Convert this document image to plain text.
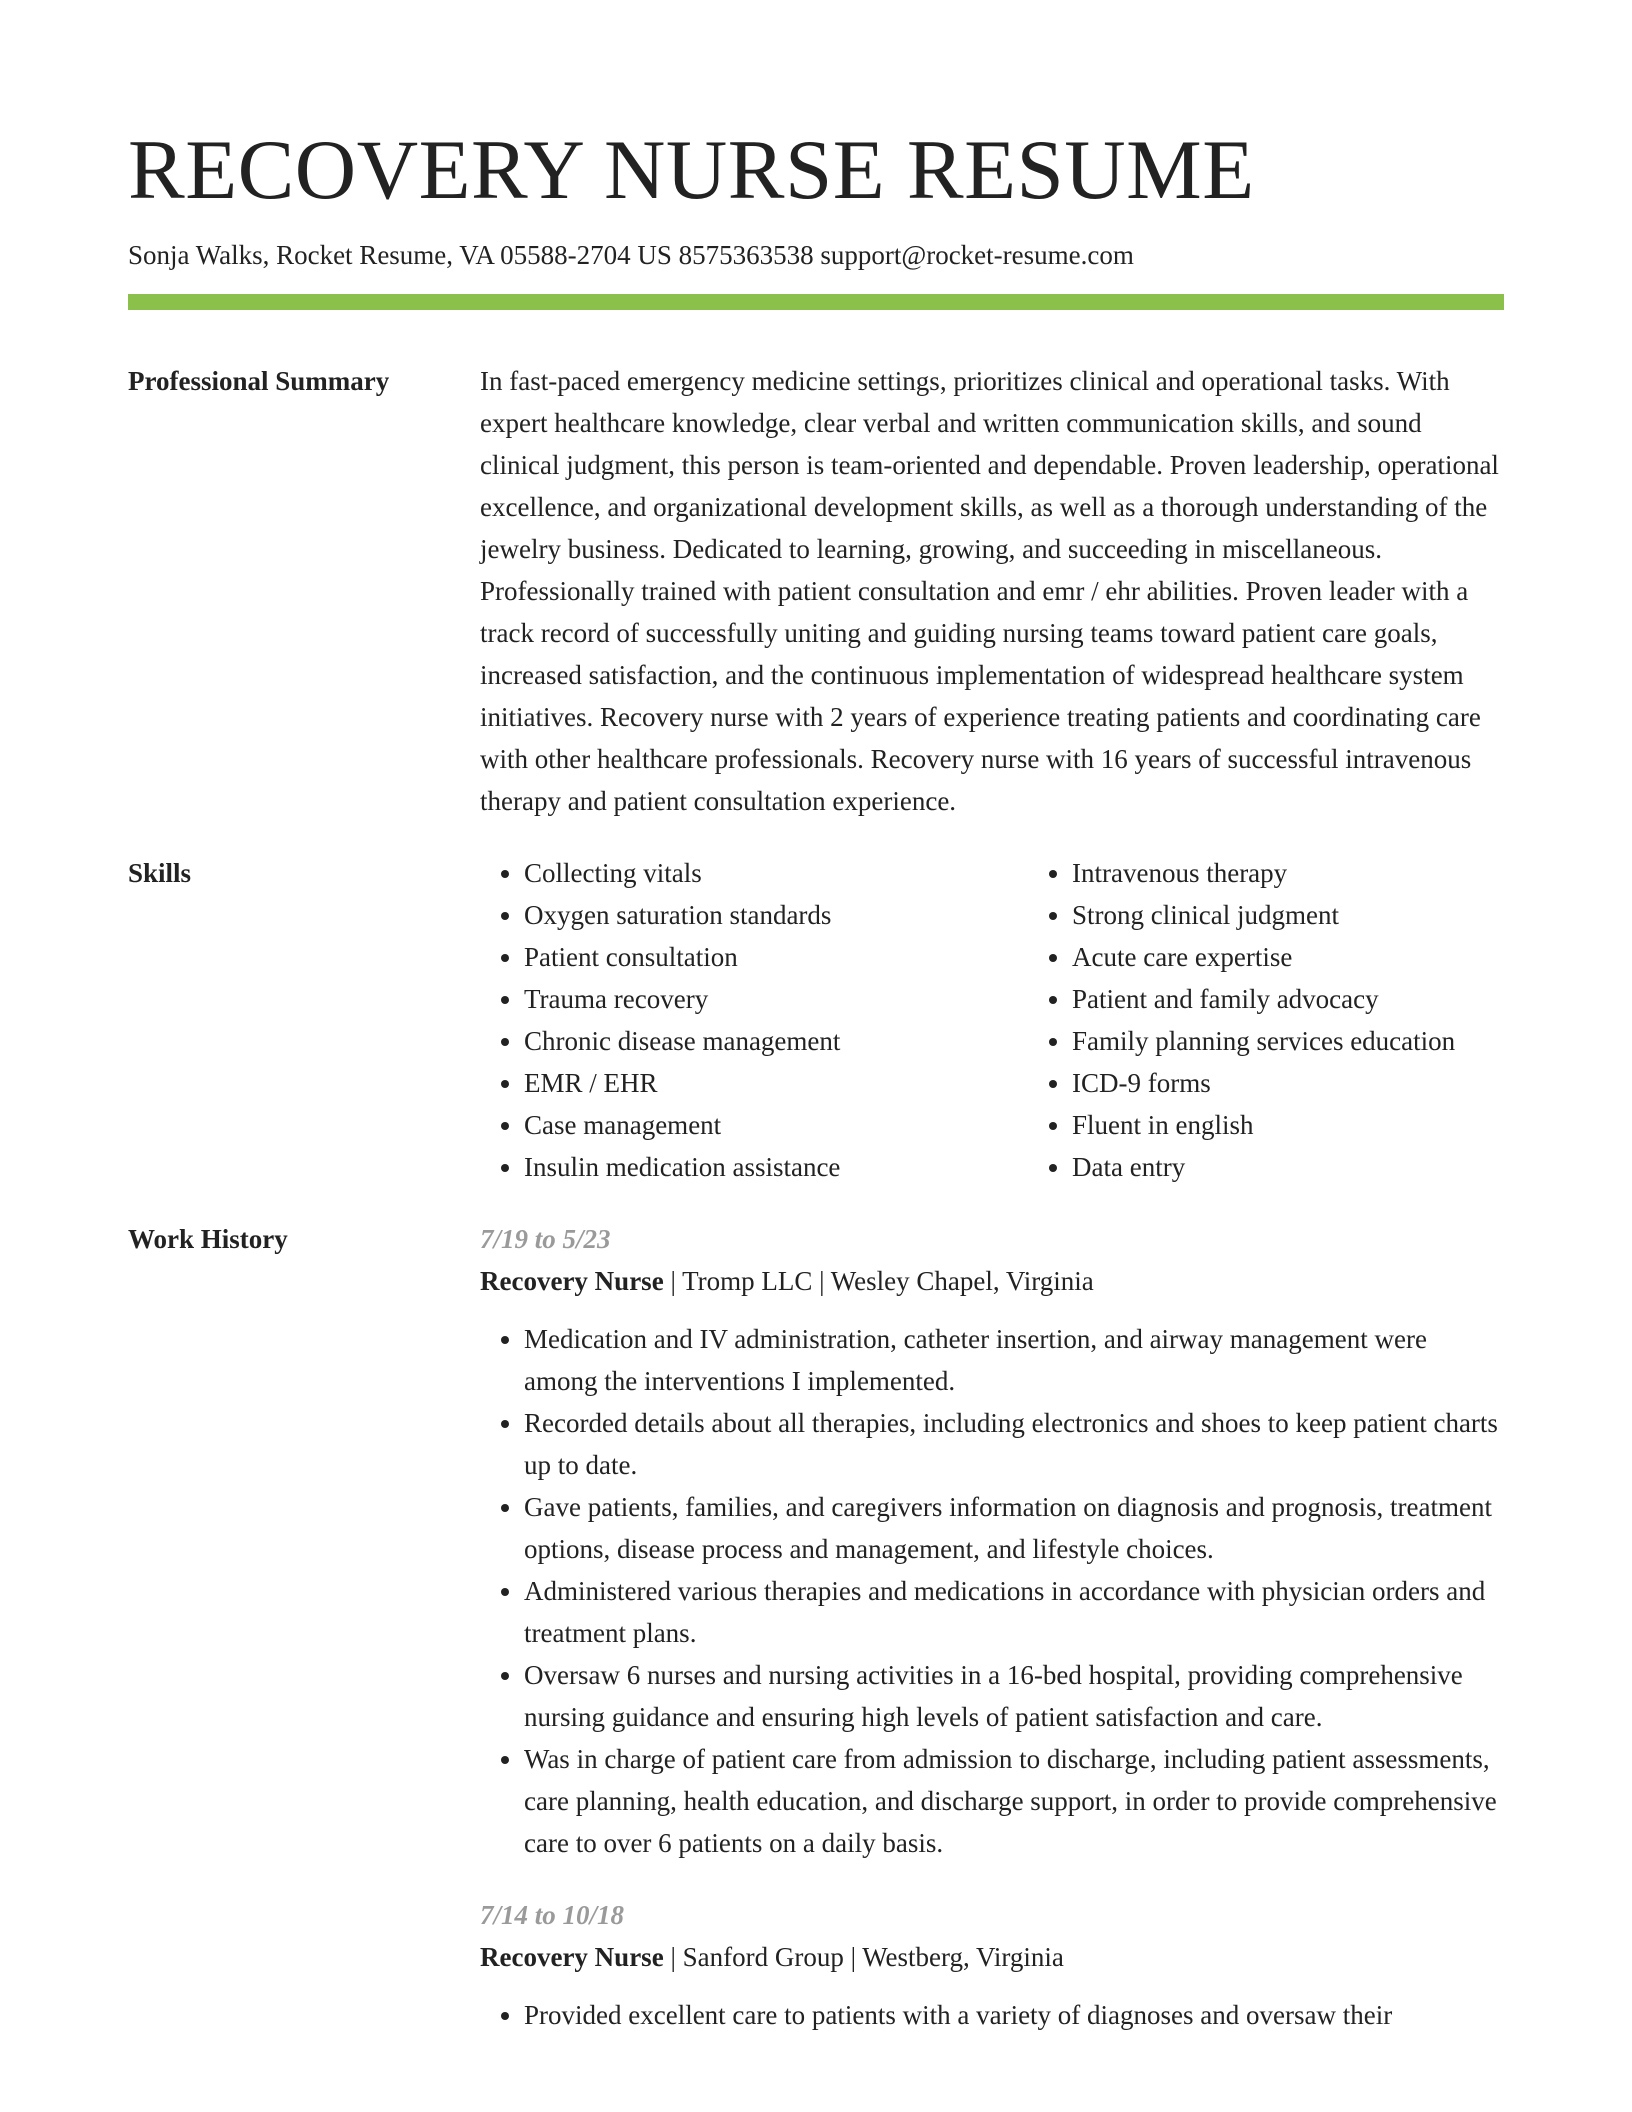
RECOVERY NURSE RESUME
Sonja Walks, Rocket Resume, VA 05588-2704 US 8575363538 support@rocket-resume.com
Professional Summary	In fast-paced emergency medicine settings, prioritizes clinical and operational tasks. With expert healthcare knowledge, clear verbal and written communication skills, and sound clinical judgment, this person is team-oriented and dependable. Proven leadership, operational excellence, and organizational development skills, as well as a thorough understanding of the jewelry business. Dedicated to learning, growing, and succeeding in miscellaneous. Professionally trained with patient consultation and emr / ehr abilities. Proven leader with a track record of successfully uniting and guiding nursing teams toward patient care goals, increased satisfaction, and the continuous implementation of widespread healthcare system initiatives. Recovery nurse with 2 years of experience treating patients and coordinating care with other healthcare professionals. Recovery nurse with 16 years of successful intravenous therapy and patient consultation experience.

Skills
•	Collecting vitals
• Oxygen saturation standards
• Patient consultation
• Trauma recovery
• Chronic disease management
• EMR / EHR
• Case management
• Insulin medication assistance
• Intravenous therapy
• Strong clinical judgment
• Acute care expertise
• Patient and family advocacy
• Family planning services education
• ICD-9 forms
• Fluent in english
• Data entry
Work History	7/19 to 5/23
Recovery Nurse | Tromp LLC | Wesley Chapel, Virginia
• Medication and IV administration, catheter insertion, and airway management were among the interventions I implemented.
• Recorded details about all therapies, including electronics and shoes to keep patient charts up to date.
• Gave patients, families, and caregivers information on diagnosis and prognosis, treatment options, disease process and management, and lifestyle choices.
• Administered various therapies and medications in accordance with physician orders and treatment plans.
• Oversaw 6 nurses and nursing activities in a 16-bed hospital, providing comprehensive nursing guidance and ensuring high levels of patient satisfaction and care.
• Was in charge of patient care from admission to discharge, including patient assessments, care planning, health education, and discharge support, in order to provide comprehensive care to over 6 patients on a daily basis.
7/14 to 10/18
Recovery Nurse | Sanford Group | Westberg, Virginia
• Provided excellent care to patients with a variety of diagnoses and oversaw their
